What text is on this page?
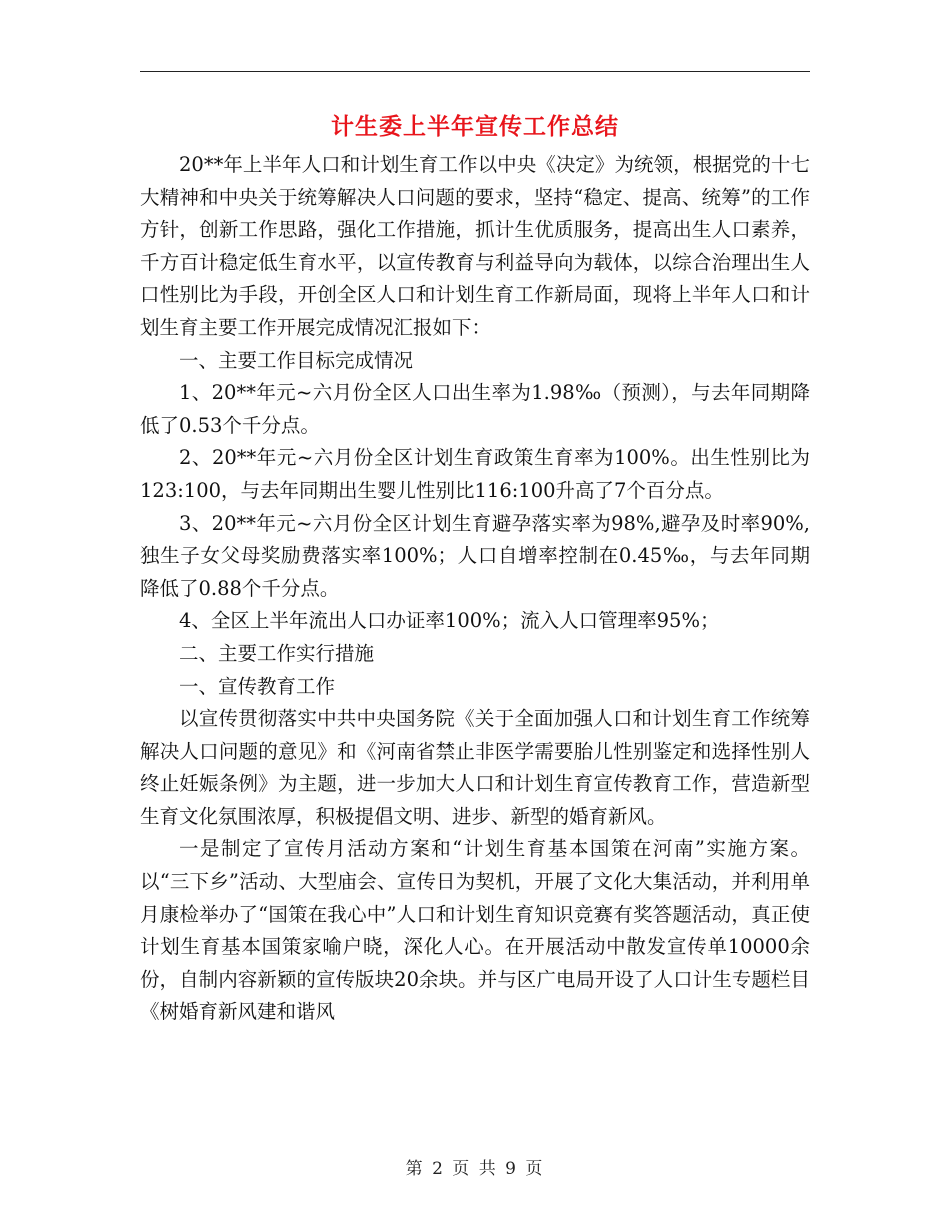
计生委上半年宣传工作总结

20**年上半年人口和计划生育工作以中央《决定》为统领，根据党的十七大精神和中央关于统筹解决人口问题的要求，坚持“稳定、提高、统筹”的工作方针，创新工作思路，强化工作措施，抓计生优质服务，提高出生人口素养，千方百计稳定低生育水平，以宣传教育与利益导向为载体，以综合治理出生人口性别比为手段，开创全区人口和计划生育工作新局面，现将上半年人口和计划生育主要工作开展完成情况汇报如下：

一、主要工作目标完成情况

1、20**年元~六月份全区人口出生率为1.98‰（预测），与去年同期降低了0.53个千分点。

2、20**年元~六月份全区计划生育政策生育率为100%。出生性别比为123:100，与去年同期出生婴儿性别比116:100升高了7个百分点。

3、20**年元~六月份全区计划生育避孕落实率为98%,避孕及时率90%,独生子女父母奖励费落实率100%；人口自增率控制在0.45‰，与去年同期降低了0.88个千分点。

4、全区上半年流出人口办证率100%；流入人口管理率95%；

二、主要工作实行措施

一、宣传教育工作

以宣传贯彻落实中共中央国务院《关于全面加强人口和计划生育工作统筹解决人口问题的意见》和《河南省禁止非医学需要胎儿性别鉴定和选择性别人终止妊娠条例》为主题，进一步加大人口和计划生育宣传教育工作，营造新型生育文化氛围浓厚，积极提倡文明、进步、新型的婚育新风。

一是制定了宣传月活动方案和“计划生育基本国策在河南”实施方案。以“三下乡”活动、大型庙会、宣传日为契机，开展了文化大集活动，并利用单月康检举办了“国策在我心中”人口和计划生育知识竞赛有奖答题活动，真正使计划生育基本国策家喻户晓，深化人心。在开展活动中散发宣传单10000余份，自制内容新颖的宣传版块20余块。并与区广电局开设了人口计生专题栏目《树婚育新风建和谐风

第 2 页 共 9 页
